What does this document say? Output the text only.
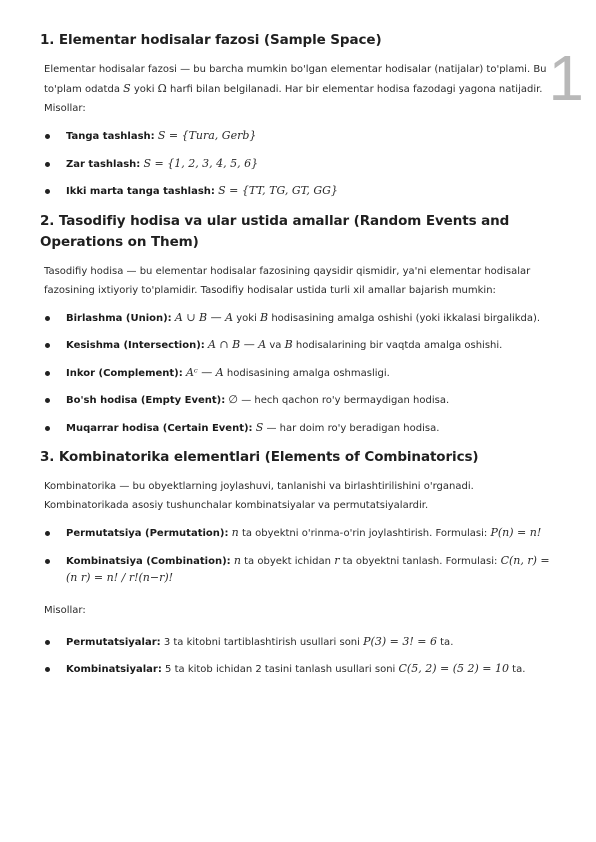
1
1. Elementar hodisalar fazosi (Sample Space)

Elementar hodisalar fazosi — bu barcha mumkin bo'lgan elementar hodisalar (natijalar) to'plami. Bu to'plam odatda S yoki Ω harfi bilan belgilanadi. Har bir elementar hodisa fazodagi yagona natijadir. Misollar:

Tanga tashlash: S = {Tura, Gerb}
Zar tashlash: S = {1, 2, 3, 4, 5, 6}
Ikki marta tanga tashlash: S = {TT, TG, GT, GG}
2. Tasodifiy hodisa va ular ustida amallar (Random Events and Operations on Them)

Tasodifiy hodisa — bu elementar hodisalar fazosining qaysidir qismidir, ya'ni elementar hodisalar fazosining ixtiyoriy to'plamidir. Tasodifiy hodisalar ustida turli xil amallar bajarish mumkin:

Birlashma (Union): A ∪ B — A yoki B hodisasining amalga oshishi (yoki ikkalasi birgalikda).
Kesishma (Intersection): A ∩ B — A va B hodisalarining bir vaqtda amalga oshishi.
Inkor (Complement): Aᶜ — A hodisasining amalga oshmasligi.
Bo'sh hodisa (Empty Event): ∅ — hech qachon ro'y bermaydigan hodisa.
Muqarrar hodisa (Certain Event): S — har doim ro'y beradigan hodisa.
3. Kombinatorika elementlari (Elements of Combinatorics)

Kombinatorika — bu obyektlarning joylashuvi, tanlanishi va birlashtirilishini o'rganadi. Kombinatorikada asosiy tushunchalar kombinatsiyalar va permutatsiyalardir.

Permutatsiya (Permutation): n ta obyektni o'rinma-o'rin joylashtirish. Formulasi: P(n) = n!
Kombinatsiya (Combination): n ta obyekt ichidan r ta obyektni tanlash. Formulasi: C(n, r) = (n r) = n! / r!(n−r)!

Misollar:

Permutatsiyalar: 3 ta kitobni tartiblashtirish usullari soni P(3) = 3! = 6 ta.
Kombinatsiyalar: 5 ta kitob ichidan 2 tasini tanlash usullari soni C(5, 2) = (5 2) = 10 ta.
